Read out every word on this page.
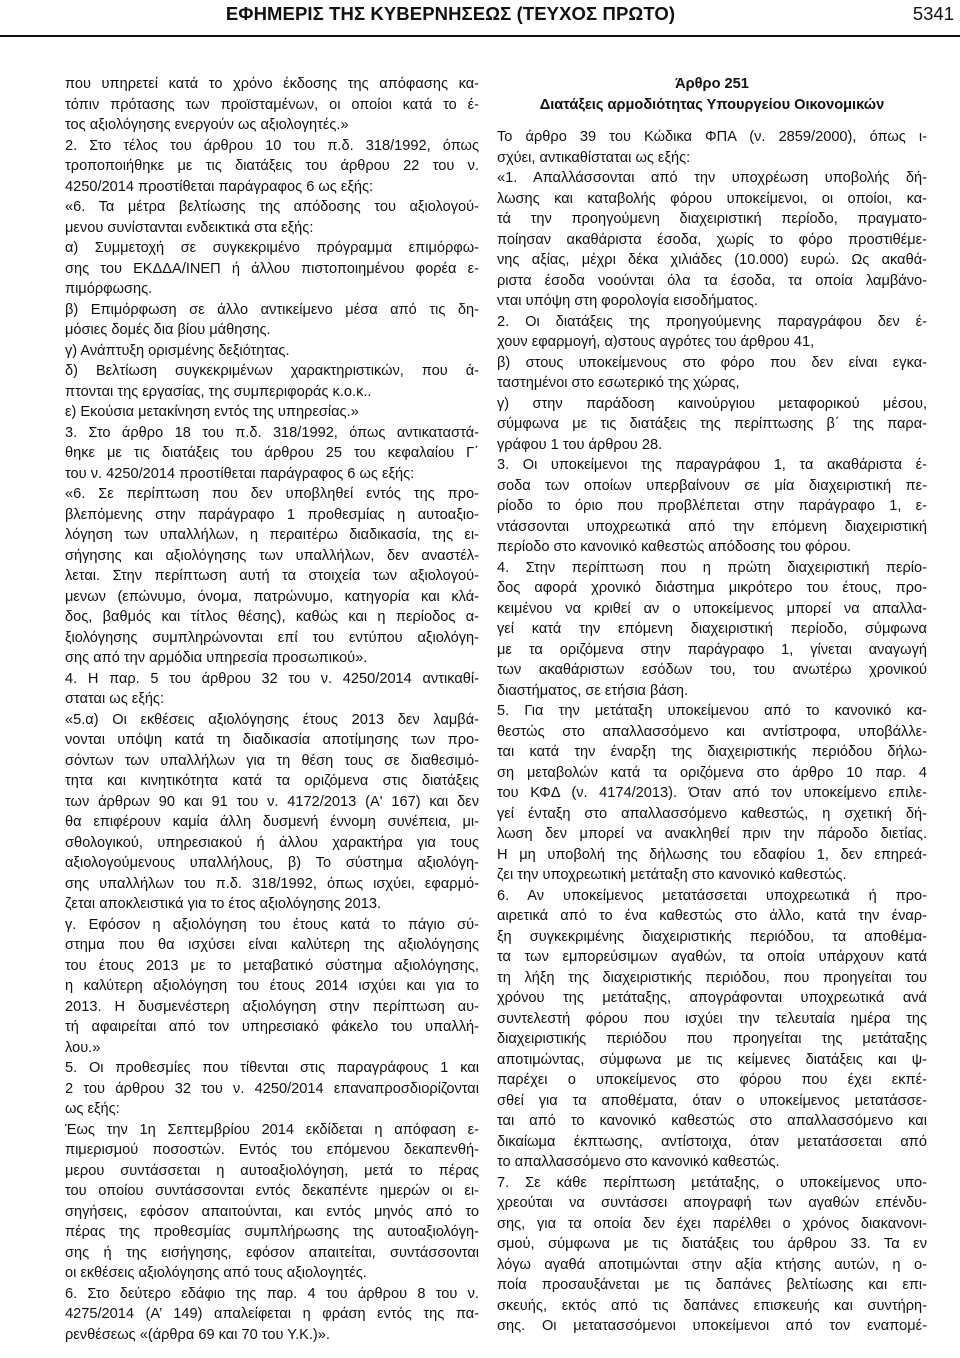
ΕΦΗΜΕΡΙΣ ΤΗΣ ΚΥΒΕΡΝΗΣΕΩΣ (ΤΕΥΧΟΣ ΠΡΩΤΟ)	5341

που υπηρετεί κατά το χρόνο έκδοσης της απόφασης κα-

τόπιν πρότασης των προϊσταμένων, οι οποίοι κατά το έ-

τος αξιολόγησης ενεργούν ως αξιολογητές.»

2. Στο τέλος του άρθρου 10 του π.δ. 318/1992, όπως

τροποποιήθηκε με τις διατάξεις του άρθρου 22 του ν.

4250/2014 προστίθεται παράγραφος 6 ως εξής:

«6. Τα μέτρα βελτίωσης της απόδοσης του αξιολογού-

μενου συνίστανται ενδεικτικά στα εξής:

α) Συμμετοχή σε συγκεκριμένο πρόγραμμα επιμόρφω-

σης του ΕΚΔΔΑ/ΙΝΕΠ ή άλλου πιστοποιημένου φορέα ε-

πιμόρφωσης.

β) Επιμόρφωση σε άλλο αντικείμενο μέσα από τις δη-

μόσιες δομές δια βίου μάθησης.

γ) Ανάπτυξη ορισμένης δεξιότητας.

δ) Βελτίωση συγκεκριμένων χαρακτηριστικών, που ά-

πτονται της εργασίας, της συμπεριφοράς κ.ο.κ..

ε) Εκούσια μετακίνηση εντός της υπηρεσίας.»

3. Στο άρθρο 18 του π.δ. 318/1992, όπως αντικαταστά-

θηκε με τις διατάξεις του άρθρου 25 του κεφαλαίου Γ΄

του ν. 4250/2014 προστίθεται παράγραφος 6 ως εξής:

«6. Σε περίπτωση που δεν υποβληθεί εντός της προ-

βλεπόμενης στην παράγραφο 1 προθεσμίας η αυτοαξιο-

λόγηση των υπαλλήλων, η περαιτέρω διαδικασία, της ει-

σήγησης και αξιολόγησης των υπαλλήλων, δεν αναστέλ-

λεται. Στην περίπτωση αυτή τα στοιχεία των αξιολογού-

μενων (επώνυμο, όνομα, πατρώνυμο, κατηγορία και κλά-

δος, βαθμός και τίτλος θέσης), καθώς και η περίοδος α-

ξιολόγησης συμπληρώνονται επί του εντύπου αξιολόγη-

σης από την αρμόδια υπηρεσία προσωπικού».

4. Η παρ. 5 του άρθρου 32 του ν. 4250/2014 αντικαθί-

σταται ως εξής:

«5.α) Οι εκθέσεις αξιολόγησης έτους 2013 δεν λαμβά-

νονται υπόψη κατά τη διαδικασία αποτίμησης των προ-

σόντων των υπαλλήλων για τη θέση τους σε διαθεσιμό-

τητα και κινητικότητα κατά τα οριζόμενα στις διατάξεις

των άρθρων 90 και 91 του ν. 4172/2013 (Α' 167) και δεν

θα επιφέρουν καμία άλλη δυσμενή έννομη συνέπεια, μι-

σθολογικού, υπηρεσιακού ή άλλου χαρακτήρα για τους

αξιολογούμενους υπαλλήλους, β) Το σύστημα αξιολόγη-

σης υπαλλήλων του π.δ. 318/1992, όπως ισχύει, εφαρμό-

ζεται αποκλειστικά για το έτος αξιολόγησης 2013.

γ. Εφόσον η αξιολόγηση του έτους κατά το πάγιο σύ-

στημα που θα ισχύσει είναι καλύτερη της αξιολόγησης

του έτους 2013 με το μεταβατικό σύστημα αξιολόγησης,

η καλύτερη αξιολόγηση του έτους 2014 ισχύει και για το

2013. Η δυσμενέστερη αξιολόγηση στην περίπτωση αυ-

τή αφαιρείται από τον υπηρεσιακό φάκελο του υπαλλή-

λου.»

5. Οι προθεσμίες που τίθενται στις παραγράφους 1 και

2 του άρθρου 32 του ν. 4250/2014 επαναπροσδιορίζονται

ως εξής:

Έως την 1η Σεπτεμβρίου 2014 εκδίδεται η απόφαση ε-

πιμερισμού ποσοστών. Εντός του επόμενου δεκαπενθή-

μερου συντάσσεται η αυτοαξιολόγηση, μετά το πέρας

του οποίου συντάσσονται εντός δεκαπέντε ημερών οι ει-

σηγήσεις, εφόσον απαιτούνται, και εντός μηνός από το

πέρας της προθεσμίας συμπλήρωσης της αυτοαξιολόγη-

σης ή της εισήγησης, εφόσον απαιτείται, συντάσσονται

οι εκθέσεις αξιολόγησης από τους αξιολογητές.

6. Στο δεύτερο εδάφιο της παρ. 4 του άρθρου 8 του ν.

4275/2014 (Α’ 149) απαλείφεται η φράση εντός της πα-

ρενθέσεως «(άρθρα 69 και 70 του Υ.Κ.)».

Άρθρο 251

Διατάξεις αρμοδιότητας Υπουργείου Οικονομικών

Το άρθρο 39 του Κώδικα ΦΠΑ (ν. 2859/2000), όπως ι-

σχύει, αντικαθίσταται ως εξής:

«1. Απαλλάσσονται από την υποχρέωση υποβολής δή-

λωσης και καταβολής φόρου υποκείμενοι, οι οποίοι, κα-

τά την προηγούμενη διαχειριστική περίοδο, πραγματο-

ποίησαν ακαθάριστα έσοδα, χωρίς το φόρο προστιθέμε-

νης αξίας, μέχρι δέκα χιλιάδες (10.000) ευρώ. Ως ακαθά-

ριστα έσοδα νοούνται όλα τα έσοδα, τα οποία λαμβάνο-

νται υπόψη στη φορολογία εισοδήματος.

2. Οι διατάξεις της προηγούμενης παραγράφου δεν έ-

χουν εφαρμογή, α)στους αγρότες του άρθρου 41,

β) στους υποκείμενους στο φόρο που δεν είναι εγκα-

ταστημένοι στο εσωτερικό της χώρας,

γ) στην παράδοση καινούργιου μεταφορικού μέσου,

σύμφωνα με τις διατάξεις της περίπτωσης β΄ της παρα-

γράφου 1 του άρθρου 28.

3. Οι υποκείμενοι της παραγράφου 1, τα ακαθάριστα έ-

σοδα των οποίων υπερβαίνουν σε μία διαχειριστική πε-

ρίοδο το όριο που προβλέπεται στην παράγραφο 1, ε-

ντάσσονται υποχρεωτικά από την επόμενη διαχειριστική

περίοδο στο κανονικό καθεστώς απόδοσης του φόρου.

4. Στην περίπτωση που η πρώτη διαχειριστική περίο-

δος αφορά χρονικό διάστημα μικρότερο του έτους, προ-

κειμένου να κριθεί αν ο υποκείμενος μπορεί να απαλλα-

γεί κατά την επόμενη διαχειριστική περίοδο, σύμφωνα

με τα οριζόμενα στην παράγραφο 1, γίνεται αναγωγή

των ακαθάριστων εσόδων του, του ανωτέρω χρονικού

διαστήματος, σε ετήσια βάση.

5. Για την μετάταξη υποκείμενου από το κανονικό κα-

θεστώς στο απαλλασσόμενο και αντίστροφα, υποβάλλε-

ται κατά την έναρξη της διαχειριστικής περιόδου δήλω-

ση μεταβολών κατά τα οριζόμενα στο άρθρο 10 παρ. 4

του ΚΦΔ (ν. 4174/2013). Όταν από τον υποκείμενο επιλε-

γεί ένταξη στο απαλλασσόμενο καθεστώς, η σχετική δή-

λωση δεν μπορεί να ανακληθεί πριν την πάροδο διετίας.

Η μη υποβολή της δήλωσης του εδαφίου 1, δεν επηρεά-

ζει την υποχρεωτική μετάταξη στο κανονικό καθεστώς.

6. Αν υποκείμενος μετατάσσεται υποχρεωτικά ή προ-

αιρετικά από το ένα καθεστώς στο άλλο, κατά την έναρ-

ξη συγκεκριμένης διαχειριστικής περιόδου, τα αποθέμα-

τα των εμπορεύσιμων αγαθών, τα οποία υπάρχουν κατά

τη λήξη της διαχειριστικής περιόδου, που προηγείται του

χρόνου της μετάταξης, απογράφονται υποχρεωτικά ανά

συντελεστή φόρου που ισχύει την τελευταία ημέρα της

διαχειριστικής περιόδου που προηγείται της μετάταξης

αποτιμώντας, σύμφωνα με τις κείμενες διατάξεις και ψ-

παρέχει ο υποκείμενος στο φόρου που έχει εκπέ-

σθεί για τα αποθέματα, όταν ο υποκείμενος μετατάσσε-

ται από το κανονικό καθεστώς στο απαλλασσόμενο και

δικαίωμα έκπτωσης, αντίστοιχα, όταν μετατάσσεται από

το απαλλασσόμενο στο κανονικό καθεστώς.

7. Σε κάθε περίπτωση μετάταξης, ο υποκείμενος υπο-

χρεούται να συντάσσει απογραφή των αγαθών επένδυ-

σης, για τα οποία δεν έχει παρέλθει ο χρόνος διακανονι-

σμού, σύμφωνα με τις διατάξεις του άρθρου 33. Τα εν

λόγω αγαθά αποτιμώνται στην αξία κτήσης αυτών, η ο-

ποία προσαυξάνεται με τις δαπάνες βελτίωσης και επι-

σκευής, εκτός από τις δαπάνες επισκευής και συντήρη-

σης. Οι μετατασσόμενοι υποκείμενοι από τον εναπομέ-
